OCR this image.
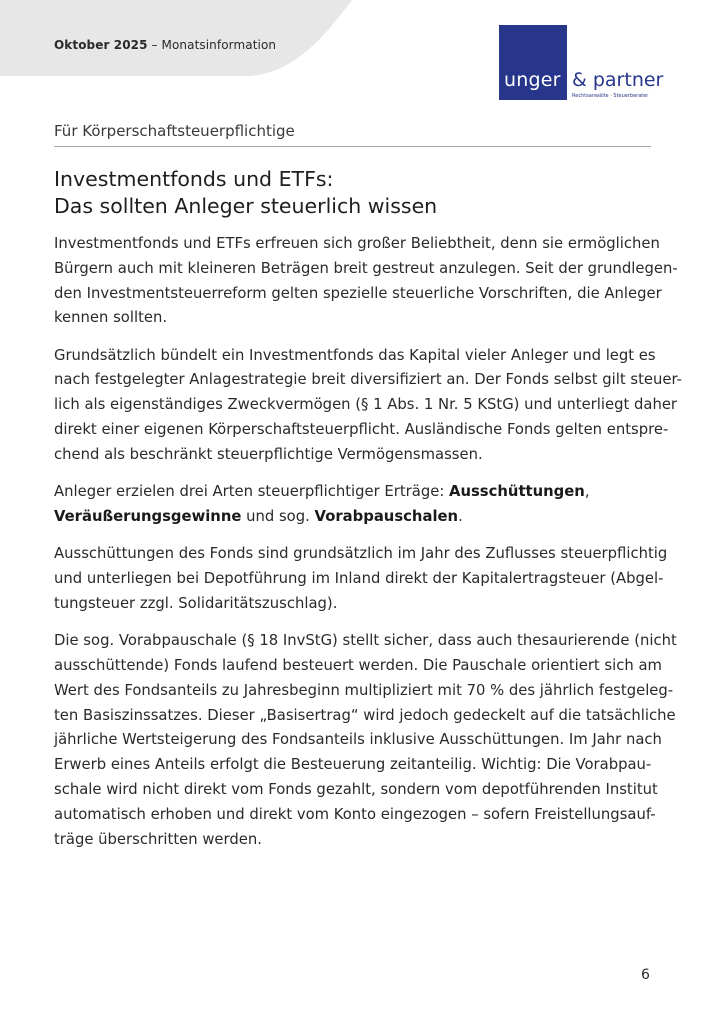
Oktober 2025 – Monatsinformation
unger & partner
Rechtsanwälte · Steuerberater
Für Körperschaftsteuerpflichtige
Investmentfonds und ETFs:
Das sollten Anleger steuerlich wissen

Investmentfonds und ETFs erfreuen sich großer Beliebtheit, denn sie ermöglichen
Bürgern auch mit kleineren Beträgen breit gestreut anzulegen. Seit der grundlegen-
den Investmentsteuerreform gelten spezielle steuerliche Vorschriften, die Anleger
kennen sollten.

Grundsätzlich bündelt ein Investmentfonds das Kapital vieler Anleger und legt es
nach festgelegter Anlagestrategie breit diversifiziert an. Der Fonds selbst gilt steuer-
lich als eigenständiges Zweckvermögen (§ 1 Abs. 1 Nr. 5 KStG) und unterliegt daher
direkt einer eigenen Körperschaftsteuerpflicht. Ausländische Fonds gelten entspre-
chend als beschränkt steuerpflichtige Vermögensmassen.

Anleger erzielen drei Arten steuerpflichtiger Erträge: Ausschüttungen,
Veräußerungsgewinne und sog. Vorabpauschalen.

Ausschüttungen des Fonds sind grundsätzlich im Jahr des Zuflusses steuerpflichtig
und unterliegen bei Depotführung im Inland direkt der Kapitalertragsteuer (Abgel-
tungsteuer zzgl. Solidaritätszuschlag).

Die sog. Vorabpauschale (§ 18 InvStG) stellt sicher, dass auch thesaurierende (nicht
ausschüttende) Fonds laufend besteuert werden. Die Pauschale orientiert sich am
Wert des Fondsanteils zu Jahresbeginn multipliziert mit 70 % des jährlich festgeleg-
ten Basiszinssatzes. Dieser „Basisertrag“ wird jedoch gedeckelt auf die tatsächliche
jährliche Wertsteigerung des Fondsanteils inklusive Ausschüttungen. Im Jahr nach
Erwerb eines Anteils erfolgt die Besteuerung zeitanteilig. Wichtig: Die Vorabpau-
schale wird nicht direkt vom Fonds gezahlt, sondern vom depotführenden Institut
automatisch erhoben und direkt vom Konto eingezogen – sofern Freistellungsauf-
träge überschritten werden.

6
